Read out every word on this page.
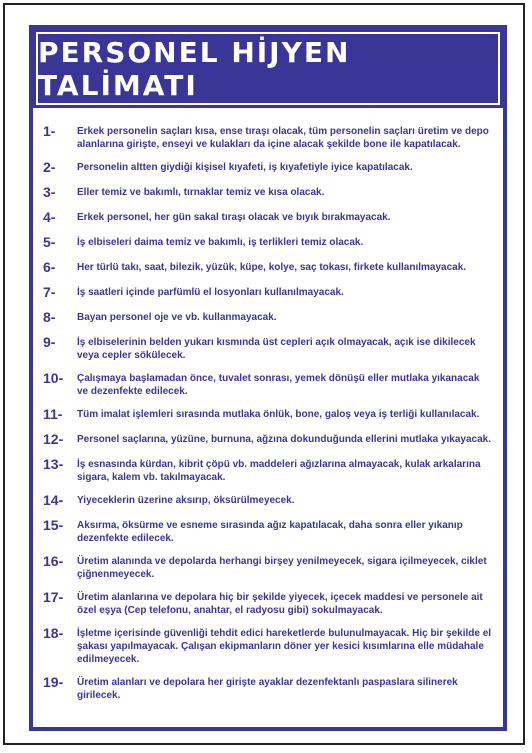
PERSONEL HİJYEN TALİMATI
1-	Erkek personelin saçları kısa, ense tıraşı olacak, tüm personelin saçları üretim ve depo alanlarına girişte, enseyi ve kulakları da içine alacak şekilde bone ile kapatılacak.
2-	Personelin altten giydiği kişisel kıyafeti, iş kıyafetiyle iyice kapatılacak.
3-	Eller temiz ve bakımlı, tırnaklar temiz ve kısa olacak.
4-	Erkek personel, her gün sakal tıraşı olacak ve bıyık bırakmayacak.
5-	İş elbiseleri daima temiz ve bakımlı, iş terlikleri temiz olacak.
6-	Her türlü takı, saat, bilezik, yüzük, küpe, kolye, saç tokası, firkete kullanılmayacak.
7-	İş saatleri içinde parfümlü el losyonları kullanılmayacak.
8-	Bayan personel oje ve vb. kullanmayacak.
9-	İş elbiselerinin belden yukarı kısmında üst cepleri açık olmayacak, açık ise dikilecek veya cepler sökülecek.
10-	Çalışmaya başlamadan önce, tuvalet sonrası, yemek dönüşü eller mutlaka yıkanacak ve dezenfekte edilecek.
11-	Tüm imalat işlemleri sırasında mutlaka önlük, bone, galoş veya iş terliği kullanılacak.
12-	Personel saçlarına, yüzüne, burnuna, ağzına dokunduğunda ellerini mutlaka yıkayacak.
13-	İş esnasında kürdan, kibrit çöpü vb. maddeleri ağızlarına almayacak, kulak arkalarına sigara, kalem vb. takılmayacak.
14-	Yiyeceklerin üzerine aksırıp, öksürülmeyecek.
15-	Aksırma, öksürme ve esneme sırasında ağız kapatılacak, daha sonra eller yıkanıp dezenfekte edilecek.
16-	Üretim alanında ve depolarda herhangi birşey yenilmeyecek, sigara içilmeyecek, ciklet çiğnenmeyecek.
17-	Üretim alanlarına ve depolara hiç bir şekilde yiyecek, içecek maddesi ve personele ait özel eşya (Cep telefonu, anahtar, el radyosu gibi) sokulmayacak.
18-	İşletme içerisinde güvenliği tehdit edici hareketlerde bulunulmayacak. Hiç bir şekilde el şakası yapılmayacak. Çalışan ekipmanların döner yer kesici kısımlarına elle müdahale edilmeyecek.
19-	Üretim alanları ve depolara her girişte ayaklar dezenfektanlı paspaslara silinerek girilecek.
